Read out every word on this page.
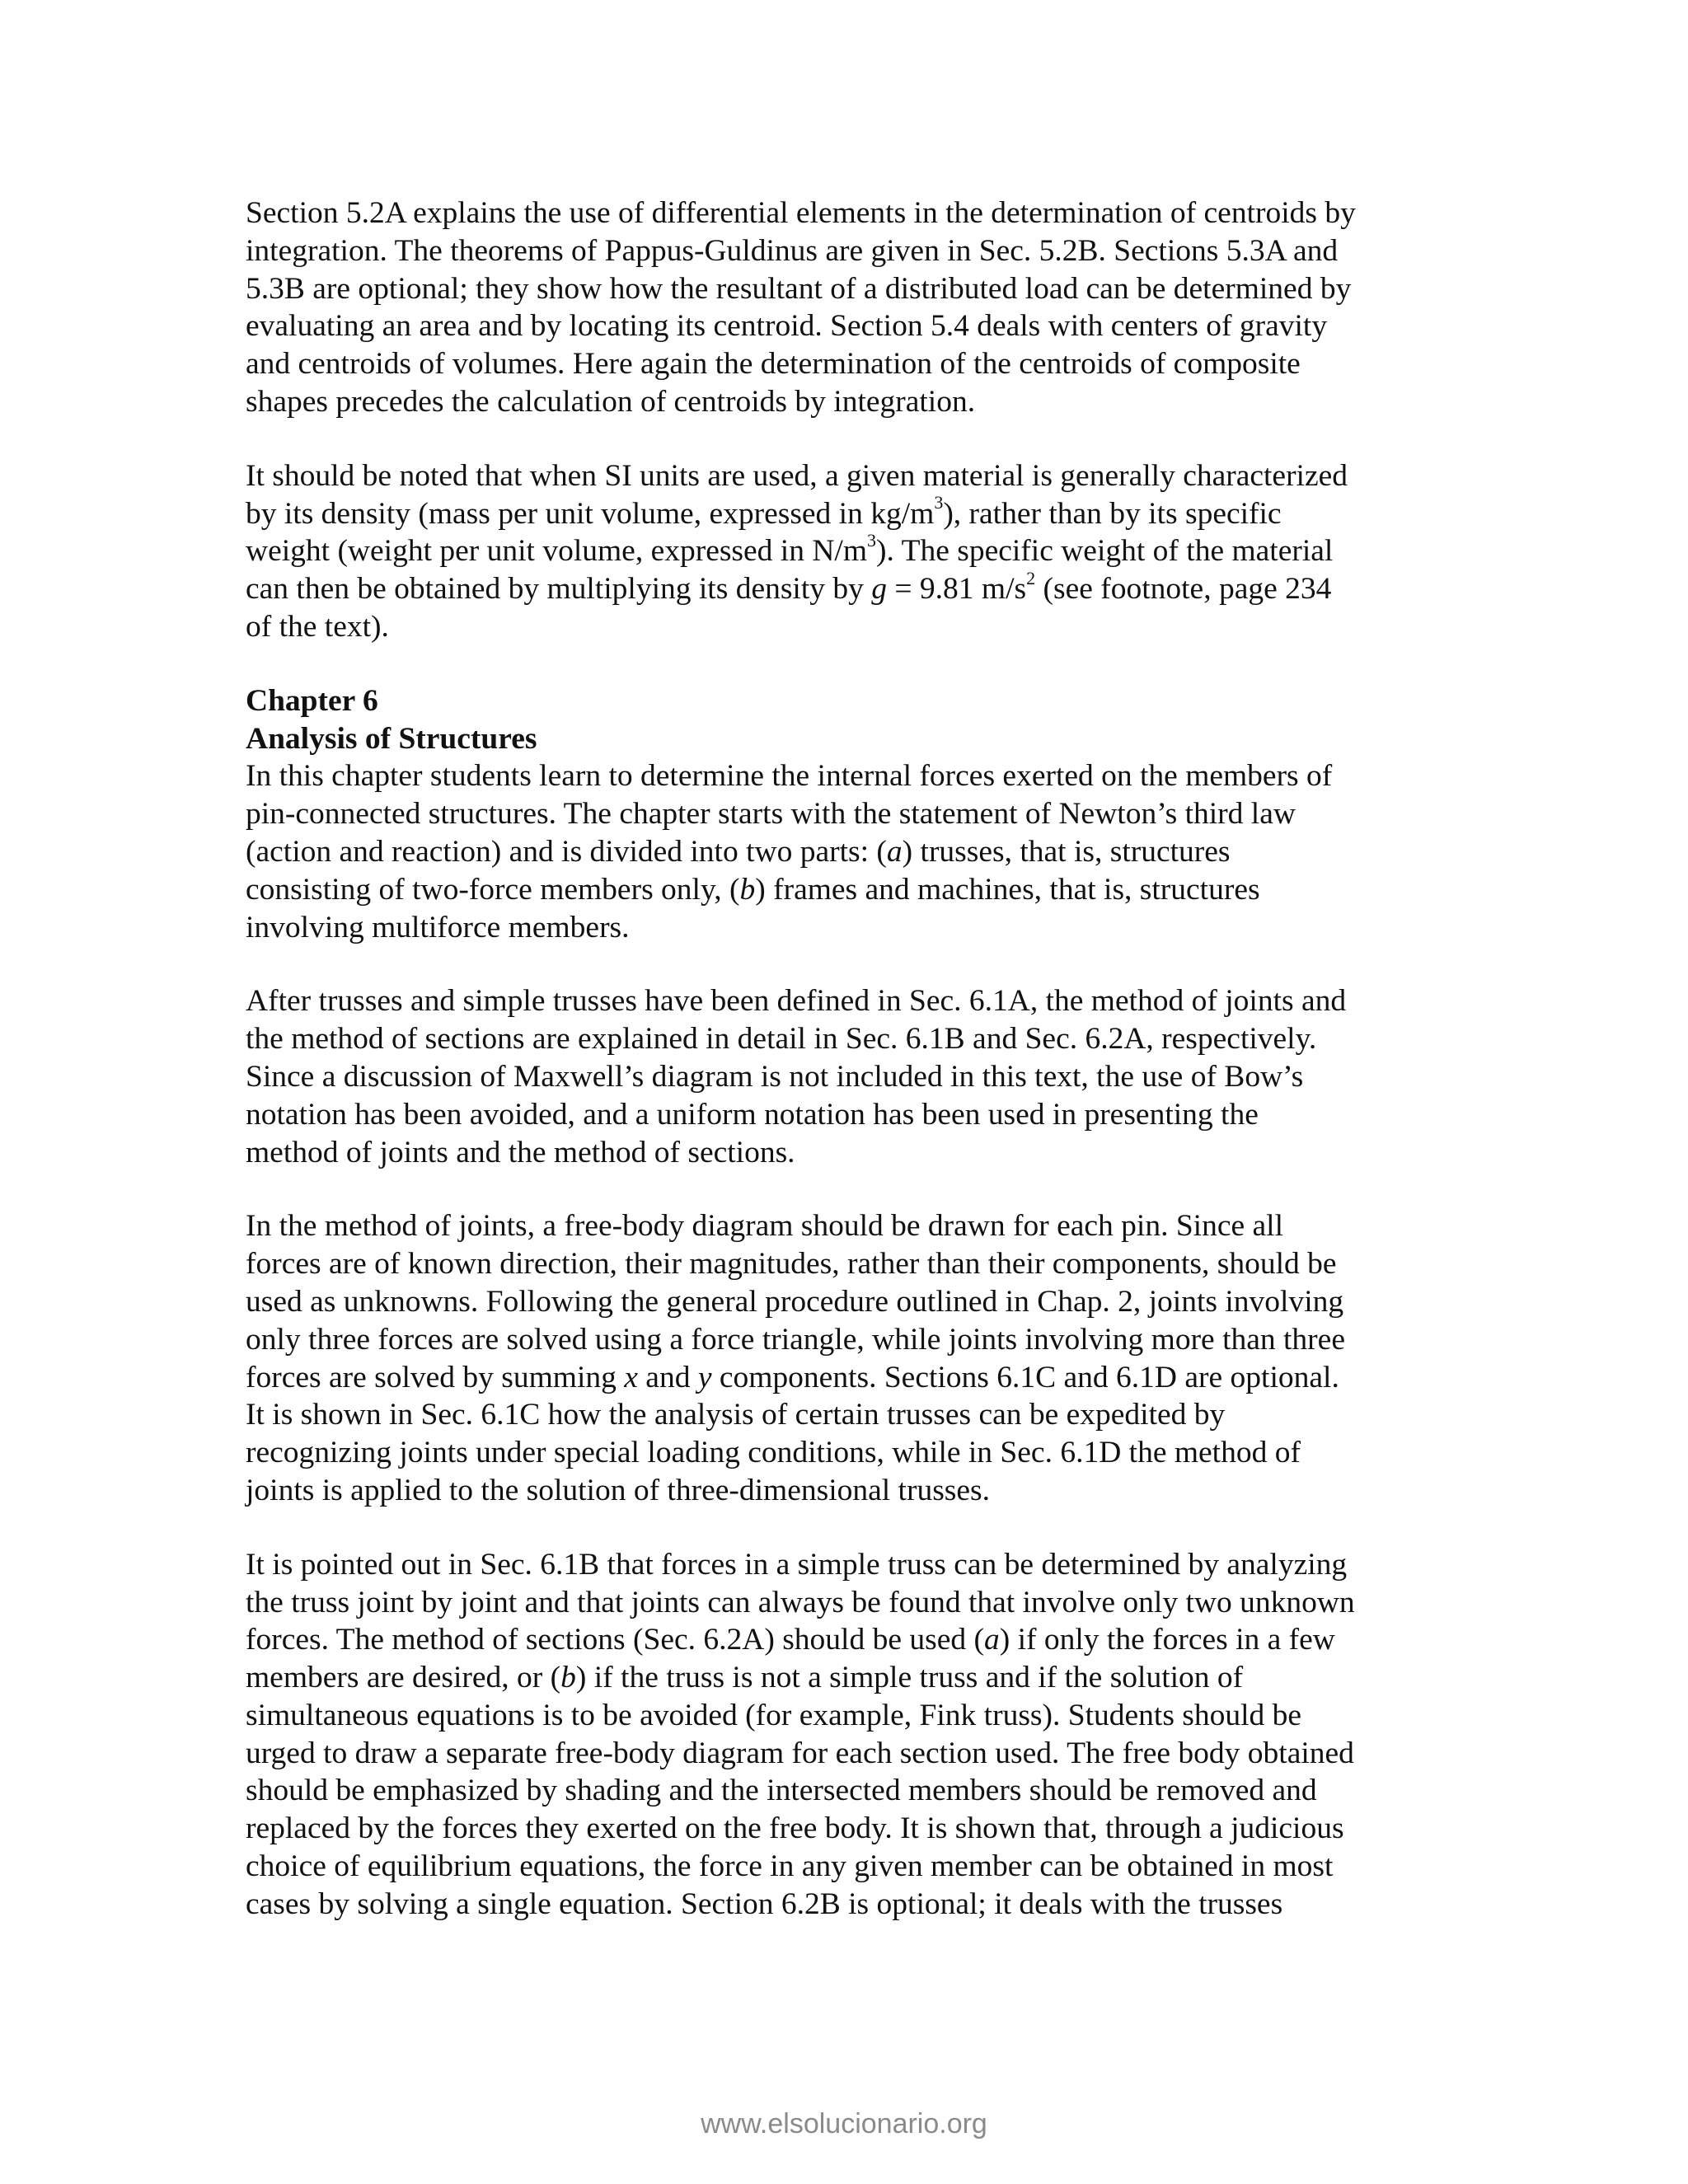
Section 5.2A explains the use of differential elements in the determination of centroids by
integration. The theorems of Pappus-Guldinus are given in Sec. 5.2B. Sections 5.3A and
5.3B are optional; they show how the resultant of a distributed load can be determined by
evaluating an area and by locating its centroid. Section 5.4 deals with centers of gravity
and centroids of volumes. Here again the determination of the centroids of composite
shapes precedes the calculation of centroids by integration.

It should be noted that when SI units are used, a given material is generally characterized
by its density (mass per unit volume, expressed in $kg/m^3$), rather than by its specific
weight (weight per unit volume, expressed in $N/m^3$). The specific weight of the material
can then be obtained by multiplying its density by g = 9.81 $m/s^2$ (see footnote, page 234
of the text).

Chapter 6
Analysis of Structures

In this chapter students learn to determine the internal forces exerted on the members of
pin-connected structures. The chapter starts with the statement of Newton’s third law
(action and reaction) and is divided into two parts: (a) trusses, that is, structures
consisting of two-force members only, (b) frames and machines, that is, structures
involving multiforce members.

After trusses and simple trusses have been defined in Sec. 6.1A, the method of joints and
the method of sections are explained in detail in Sec. 6.1B and Sec. 6.2A, respectively.
Since a discussion of Maxwell’s diagram is not included in this text, the use of Bow’s
notation has been avoided, and a uniform notation has been used in presenting the
method of joints and the method of sections.

In the method of joints, a free-body diagram should be drawn for each pin. Since all
forces are of known direction, their magnitudes, rather than their components, should be
used as unknowns. Following the general procedure outlined in Chap. 2, joints involving
only three forces are solved using a force triangle, while joints involving more than three
forces are solved by summing x and y components. Sections 6.1C and 6.1D are optional.
It is shown in Sec. 6.1C how the analysis of certain trusses can be expedited by
recognizing joints under special loading conditions, while in Sec. 6.1D the method of
joints is applied to the solution of three-dimensional trusses.

It is pointed out in Sec. 6.1B that forces in a simple truss can be determined by analyzing
the truss joint by joint and that joints can always be found that involve only two unknown
forces. The method of sections (Sec. 6.2A) should be used (a) if only the forces in a few
members are desired, or (b) if the truss is not a simple truss and if the solution of
simultaneous equations is to be avoided (for example, Fink truss). Students should be
urged to draw a separate free-body diagram for each section used. The free body obtained
should be emphasized by shading and the intersected members should be removed and
replaced by the forces they exerted on the free body. It is shown that, through a judicious
choice of equilibrium equations, the force in any given member can be obtained in most
cases by solving a single equation. Section 6.2B is optional; it deals with the trusses

www.elsolucionario.org
